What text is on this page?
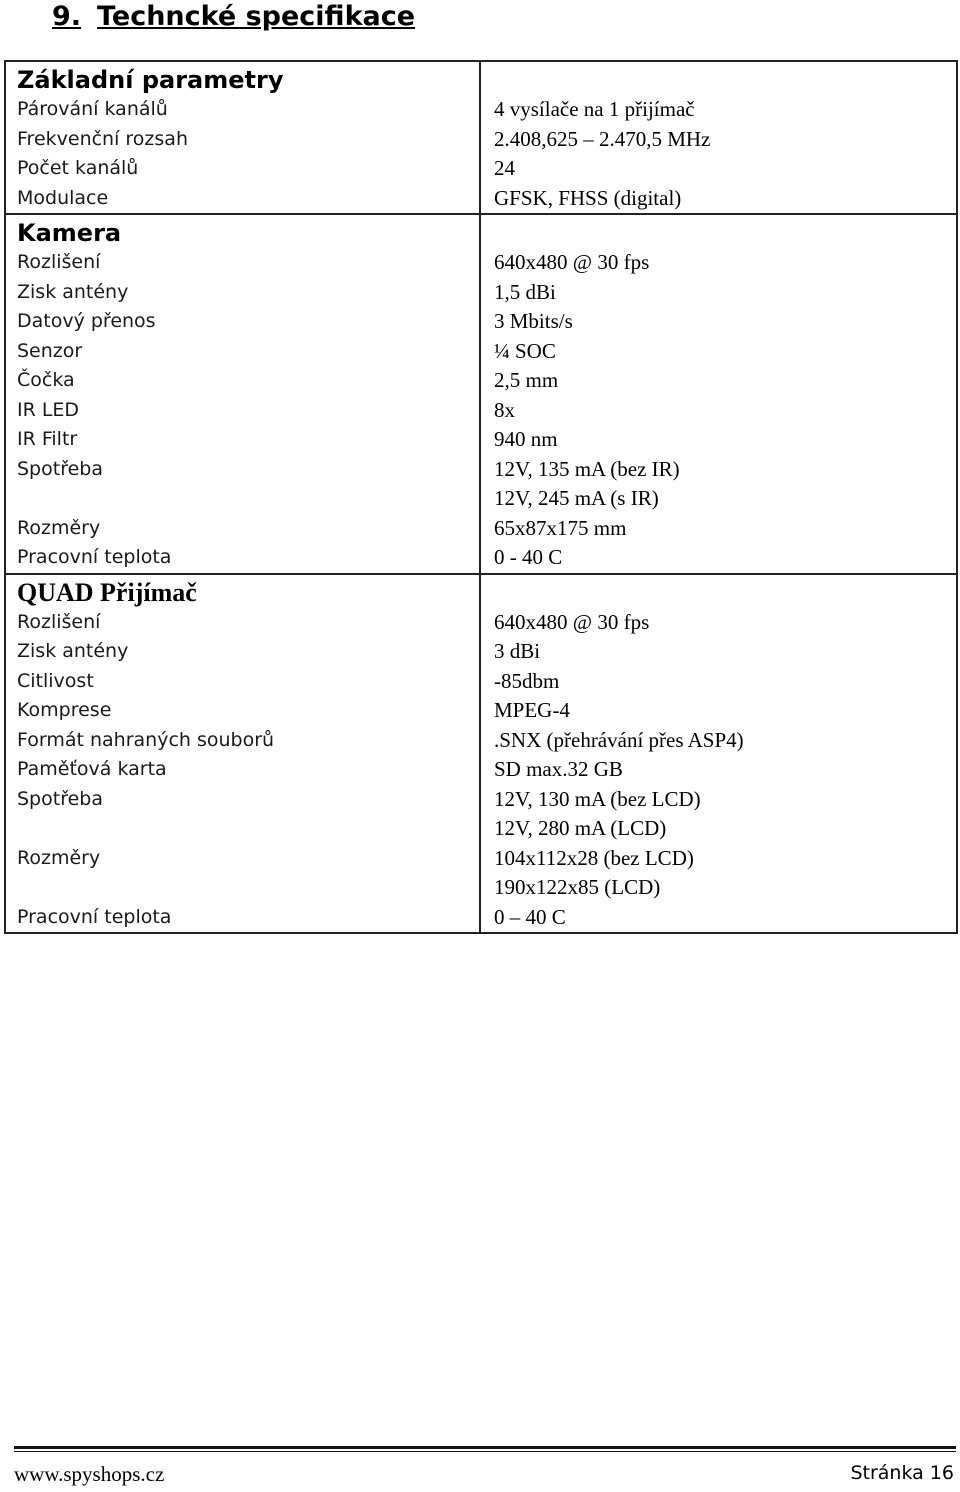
9. Techncké specifikace
Základní parametry	
Párování kanálů	4 vysílače na 1 přijímač

Frekvenční rozsah	2.408,625 – 2.470,5 MHz

Počet kanálů	24

Modulace	GFSK, FHSS (digital)

Kamera	
Rozlišení	640x480 @ 30 fps

Zisk antény	1,5 dBi

Datový přenos	3 Mbits/s

Senzor	¼ SOC

Čočka	2,5 mm

IR LED	8x

IR Filtr	940 nm

Spotřeba	12V, 135 mA (bez IR)
12V, 245 mA (s IR)

Rozměry	65x87x175 mm

Pracovní teplota	0 - 40 C

QUAD Přijímač	
Rozlišení	640x480 @ 30 fps

Zisk antény	3 dBi

Citlivost	-85dbm

Komprese	MPEG-4

Formát nahraných souborů	.SNX (přehrávání přes ASP4)

Paměťová karta	SD max.32 GB

Spotřeba	12V, 130 mA (bez LCD)
12V, 280 mA (LCD)

Rozměry	104x112x28 (bez LCD)
190x122x85 (LCD)

Pracovní teplota	0 – 40 C
www.spyshops.cz	Stránka 16
